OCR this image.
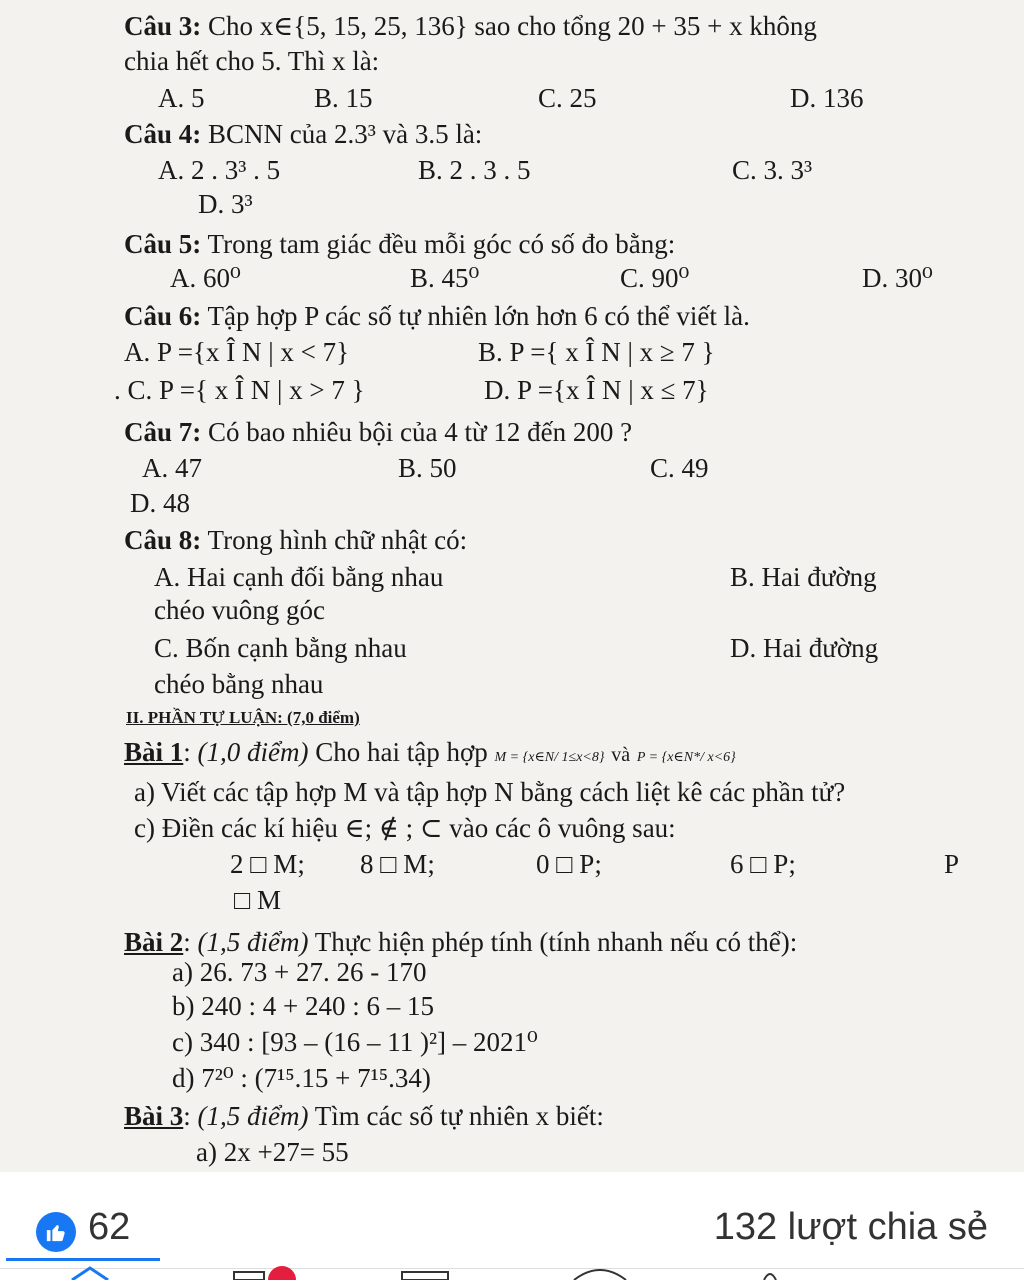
Câu 3: Cho x∈{5, 15, 25, 136} sao cho tổng 20 + 35 + x không
chia hết cho 5. Thì x là:
A. 5	B. 15	C. 25	D. 136
Câu 4: BCNN của 2.3³ và 3.5 là:
A. 2 . 3³ . 5	B. 2 . 3 . 5	C. 3. 3³
D. 3³
Câu 5: Trong tam giác đều mỗi góc có số đo bằng:
A. 60⁰	B. 45⁰	C. 90⁰	D. 30⁰
Câu 6: Tập hợp P các số tự nhiên lớn hơn 6 có thể viết là.
A. P ={x Î N | x < 7}	B. P ={ x Î N | x ≥ 7 }
. C. P ={ x Î N | x > 7 }	D. P ={x Î N | x ≤ 7}
Câu 7: Có bao nhiêu bội của 4 từ 12 đến 200 ?
A. 47	B. 50	C. 49
D. 48
Câu 8: Trong hình chữ nhật có:
A. Hai cạnh đối bằng nhau	B. Hai đường
chéo vuông góc
C. Bốn cạnh bằng nhau	D. Hai đường
chéo bằng nhau
II. PHẦN TỰ LUẬN: (7,0 điểm)
Bài 1: (1,0 điểm) Cho hai tập hợp M = {x∈N/ 1≤x<8} và P = {x∈N*/ x<6}
a) Viết các tập hợp M và tập hợp N bằng cách liệt kê các phần tử?
c) Điền các kí hiệu ∈; ∉ ; ⊂ vào các ô vuông sau:
2 □ M; 8 □ M;	0 □ P;	6 □ P;	P
□ M
Bài 2: (1,5 điểm) Thực hiện phép tính (tính nhanh nếu có thể):
a) 26. 73 + 27. 26 - 170
b) 240 : 4 + 240 : 6 – 15
c) 340 : [93 – (16 – 11 )²] – 2021⁰
d) 7²⁰ : (7¹⁵.15 + 7¹⁵.34)
Bài 3: (1,5 điểm) Tìm các số tự nhiên x biết:
a) 2x +27= 55
62	132 lượt chia sẻ
